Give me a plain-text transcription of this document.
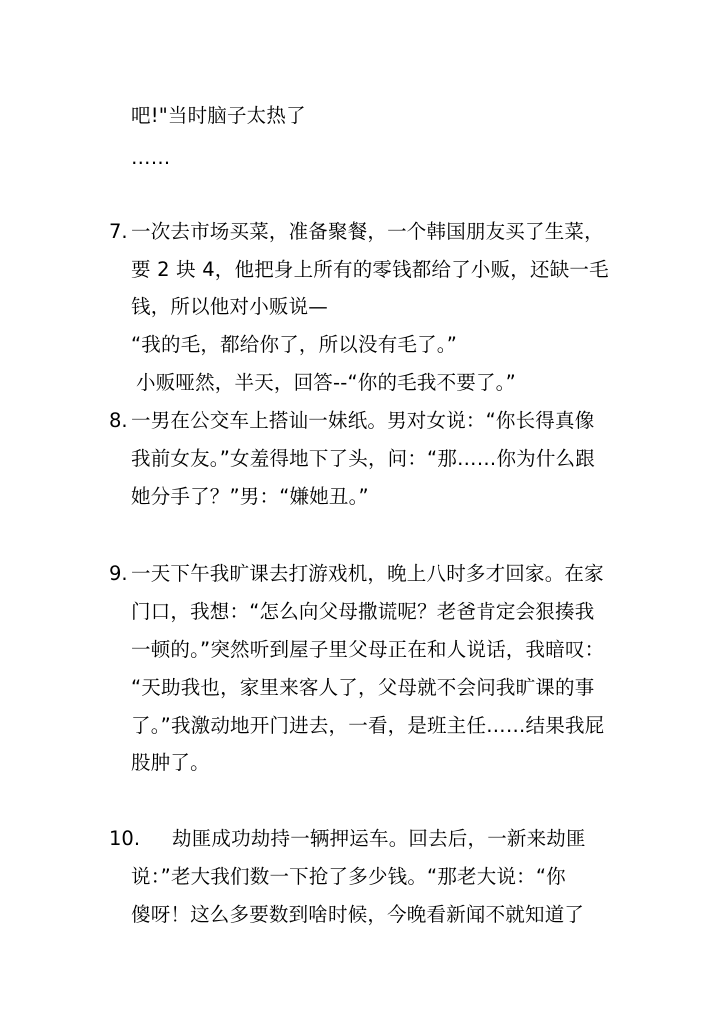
吧!"当时脑子太热了
……
7. 一次去市场买菜，准备聚餐，一个韩国朋友买了生菜，
要 2 块 4，他把身上所有的零钱都给了小贩，还缺一毛
钱，所以他对小贩说—
“我的毛，都给你了，所以没有毛了。”
小贩哑然，半天，回答--“你的毛我不要了。”
8. 一男在公交车上搭讪一妹纸。男对女说：“你长得真像
我前女友。”女羞得地下了头，问：“那……你为什么跟
她分手了？”男：“嫌她丑。”
9. 一天下午我旷课去打游戏机，晚上八时多才回家。在家
门口，我想：“怎么向父母撒谎呢？老爸肯定会狠揍我
一顿的。”突然听到屋子里父母正在和人说话，我暗叹：
“天助我也，家里来客人了，父母就不会问我旷课的事
了。”我激动地开门进去，一看，是班主任……结果我屁
股肿了。
10. 劫匪成功劫持一辆押运车。回去后，一新来劫匪
说：”老大我们数一下抢了多少钱。“那老大说：“你
傻呀！这么多要数到啥时候，今晚看新闻不就知道了
